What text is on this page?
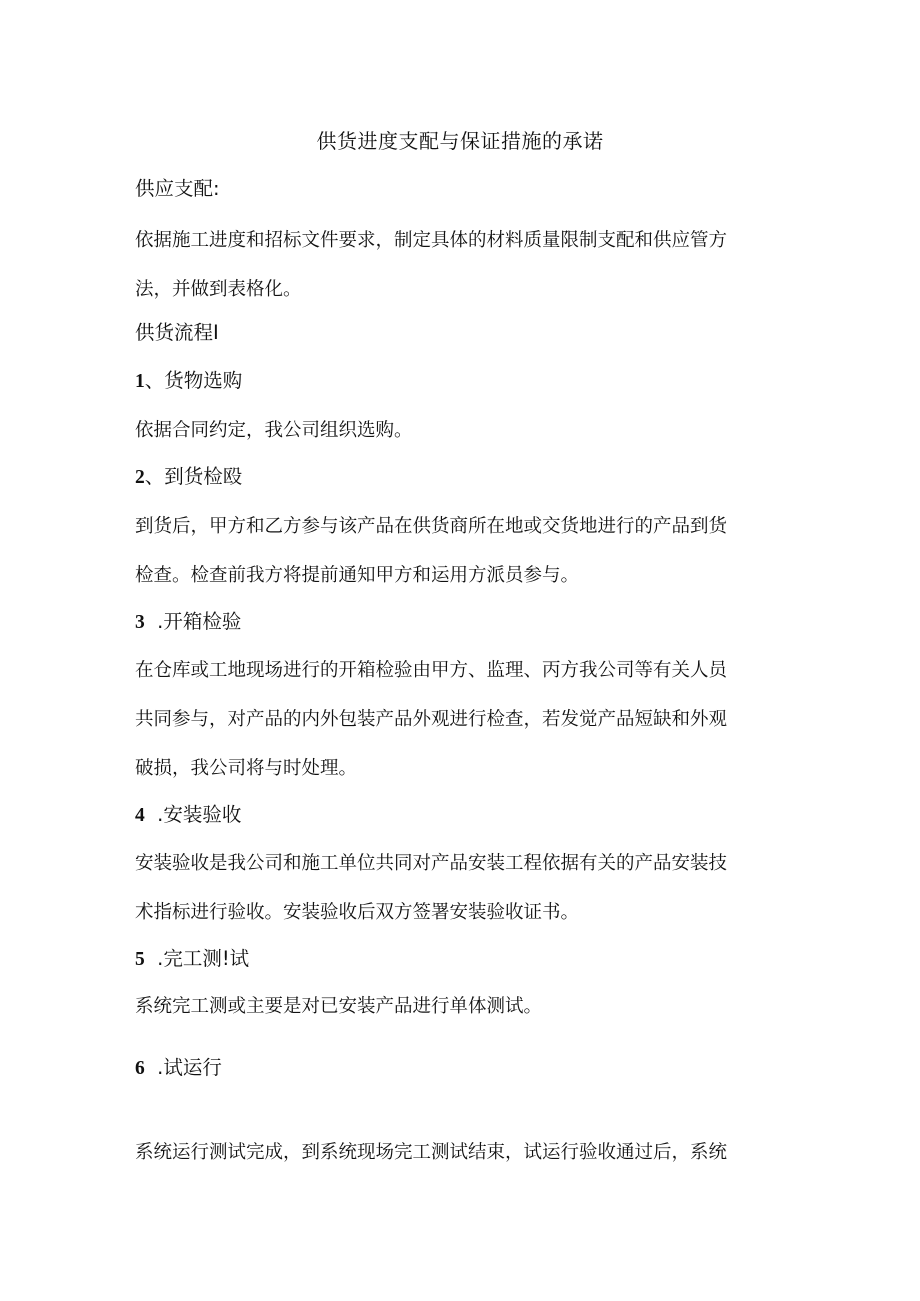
供货进度支配与保证措施的承诺
供应支配:
依据施工进度和招标文件要求，制定具体的材料质量限制支配和供应管方
法，并做到表格化。
供货流程I
1、货物选购
依据合同约定，我公司组织选购。
2、到货检殴
到货后，甲方和乙方参与该产品在供货商所在地或交货地进行的产品到货
检查。检查前我方将提前通知甲方和运用方派员参与。
3  .开箱检验
在仓库或工地现场进行的开箱检验由甲方、监理、丙方我公司等有关人员
共同参与，对产品的内外包装产品外观进行检查，若发觉产品短缺和外观
破损，我公司将与时处理。
4  .安装验收
安装验收是我公司和施工单位共同对产品安装工程依据有关的产品安装技
术指标进行验收。安装验收后双方签署安装验收证书。
5  .完工测!试
系统完工测或主要是对已安装产品进行单体测试。
6  .试运行
系统运行测试完成，到系统现场完工测试结束，试运行验收通过后，系统
